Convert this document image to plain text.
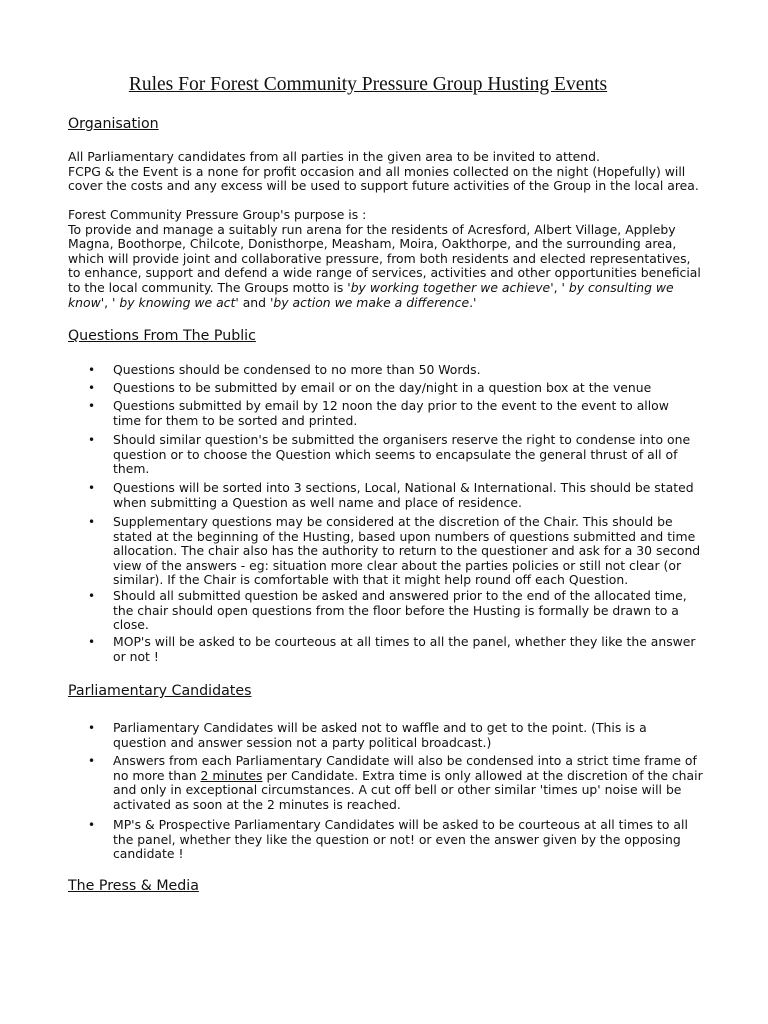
Rules For Forest Community Pressure Group Husting Events
Organisation
All Parliamentary candidates from all parties in the given area to be invited to attend.
FCPG & the Event is a none for profit occasion and all monies collected on the night (Hopefully) will
cover the costs and any excess will be used to support future activities of the Group in the local area.
Forest Community Pressure Group's purpose is :
To provide and manage a suitably run arena for the residents of Acresford, Albert Village, Appleby
Magna, Boothorpe, Chilcote, Donisthorpe, Measham, Moira, Oakthorpe, and the surrounding area,
which will provide joint and collaborative pressure, from both residents and elected representatives,
to enhance, support and defend a wide range of services, activities and other opportunities beneficial
to the local community. The Groups motto is 'by working together we achieve', ' by consulting we
know', ' by knowing we act' and 'by action we make a difference.'
Questions From The Public
• Questions should be condensed to no more than 50 Words.
• Questions to be submitted by email or on the day/night in a question box at the venue
• Questions submitted by email by 12 noon the day prior to the event to the event to allow
time for them to be sorted and printed.
• Should similar question's be submitted the organisers reserve the right to condense into one
question or to choose the Question which seems to encapsulate the general thrust of all of
them.
• Questions will be sorted into 3 sections, Local, National & International. This should be stated
when submitting a Question as well name and place of residence.
• Supplementary questions may be considered at the discretion of the Chair. This should be
stated at the beginning of the Husting, based upon numbers of questions submitted and time
allocation. The chair also has the authority to return to the questioner and ask for a 30 second
view of the answers - eg: situation more clear about the parties policies or still not clear (or
similar). If the Chair is comfortable with that it might help round off each Question.
• Should all submitted question be asked and answered prior to the end of the allocated time,
the chair should open questions from the floor before the Husting is formally be drawn to a
close.
• MOP's will be asked to be courteous at all times to all the panel, whether they like the answer
or not !
Parliamentary Candidates
• Parliamentary Candidates will be asked not to waffle and to get to the point. (This is a
question and answer session not a party political broadcast.)
• Answers from each Parliamentary Candidate will also be condensed into a strict time frame of
no more than 2 minutes per Candidate. Extra time is only allowed at the discretion of the chair
and only in exceptional circumstances. A cut off bell or other similar 'times up' noise will be
activated as soon at the 2 minutes is reached.
• MP's & Prospective Parliamentary Candidates will be asked to be courteous at all times to all
the panel, whether they like the question or not! or even the answer given by the opposing
candidate !
The Press & Media
